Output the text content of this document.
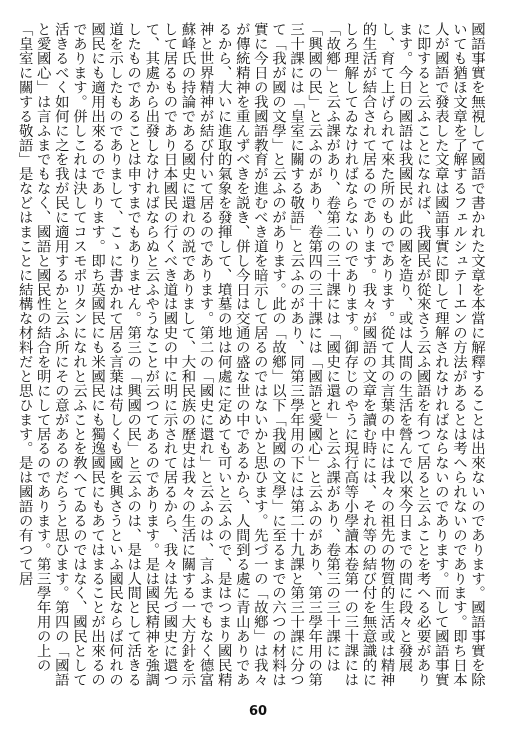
國語事實を無視して國語で書かれた文章を本當に解釋することは出來ないのであります。國語事實を除いても猶ほ文章を了解するフェルシュテーエンの方法があるとは考へられないのであります。即ち日本人が國語で發表した文章は國語事實に即して理解されなければならないのであります。而して國語事實に即すると云ふことになれば、我國民が從來さう云ふ國語を有つて居ると云ふことを考へる必要があります。今日の國語は我國民が此の國を造り、或は人間の生活を營んで以來今日までの間に段々と發展し、育て上げられて來た所のものであります。從て其の言葉の中には我々の祖先の物質的生活或は精神的生活が結合されて居るのであります。我々が國語の文章を讀む時には、それ等の結び付を無意識的にしろ理解してゐなければならないのであります。御存じのやうに現行高等小學讀本卷第一の三十課には「故鄕」と云ふ課があり、卷第二の三十課には「國史に還れ」と云ふ課があり、卷第三の三十課には「興國の民」と云ふのがあり、卷第四の三十課には「國語と愛國心」と云ふのがあり、第三學年用の第三十課には「皇室に關する敬語」と云ふのがあり、同第三學年用の下には第二十九課と第三十課に分つて「我が國の文學」と云ふのがあります。此の「故鄕」以下「我國の文學」に至るまでの六つの材料は實に今日の我國語教育が進むべき道を暗示して居るのではないかと思ひます。先づ一の「故鄕」は我々が傳統精神を重んずべきを説き、併し今日は交通の盛な世の中であるから、人間到る處に青山ありであるから、大いに進取的氣象を發揮して、墳墓の地は何處に定めても可いと云ふので、是はつまり國民精神と世界精神が結び付いて居るのであります。第二の「國史に還れ」と云ふのは、言ふまでもなく德富蘇峰氏の持論である國史に還れの説でありまして、大和民族の歷史は我々の生活に關する一大方針を示して居るものであり日本國民の行くべき道は國史の中に明に示されて居るから、我々は先づ國史に還つて、其處から出發しなければならぬと云ふやうなことが云つてあるのであります。是は國民精神を強調したものであることは申すまでもありません。第三の「興國の民」と云ふのは、是は人間として活きる道を示したものでありまして、こゝに書かれて居る言葉は苟しくも國を興さうといふ國民ならば何れの國民にも適用出來るのであります。即ち英國民にも米國民にも獨逸國民にもあてはまることが出來るのであります。併しこれは決してコスモポリタンになれと云ふことを敎へてゐるのではなく、國民として活きるべく如何に之を我が民に適用するかと云ふ所にその意があるのだらうと思ひます。第四の「國語と愛國心」は言ふまでもなく、國語と國民性の結合を明にして居るのであります。第三學年用の上の「皇室に關する敬語」是などはまことに結構な材料だと思ひます。是は國語の有つて居

60
